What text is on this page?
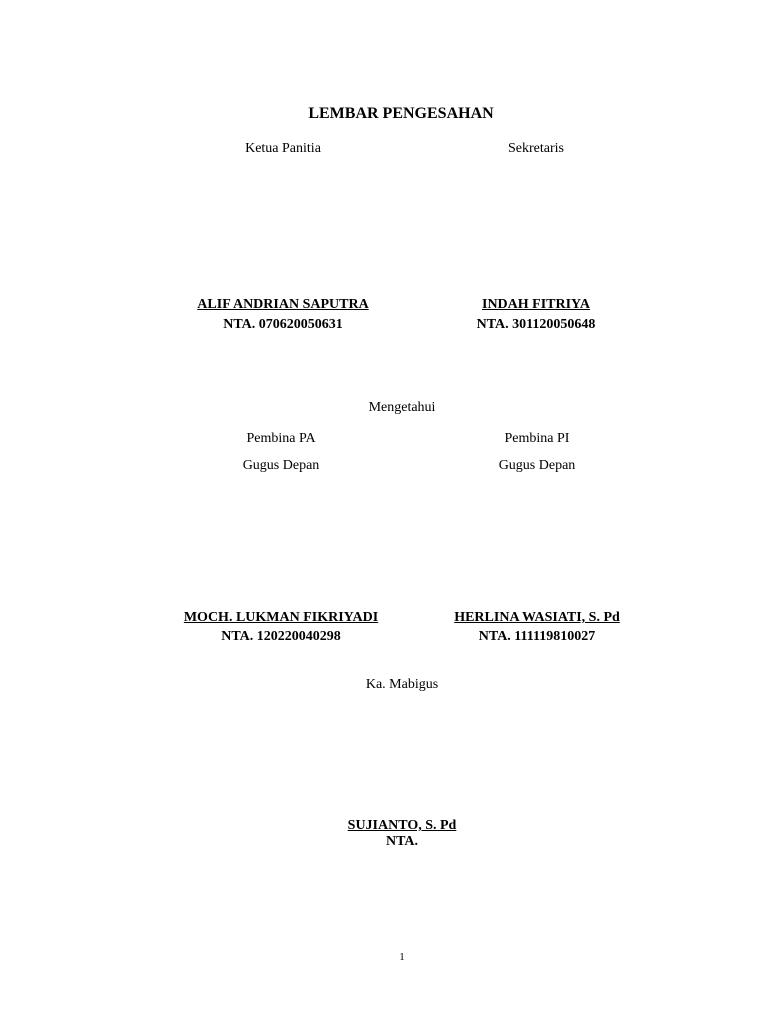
LEMBAR PENGESAHAN
Ketua Panitia	Sekretaris
ALIF ANDRIAN SAPUTRA
NTA. 070620050631
INDAH FITRIYA
NTA. 301120050648
Mengetahui
Pembina PA
Gugus Depan
Pembina PI
Gugus Depan
MOCH. LUKMAN FIKRIYADI
NTA. 120220040298
HERLINA WASIATI, S. Pd
NTA. 111119810027
Ka. Mabigus
SUJIANTO, S. Pd
NTA.
1
